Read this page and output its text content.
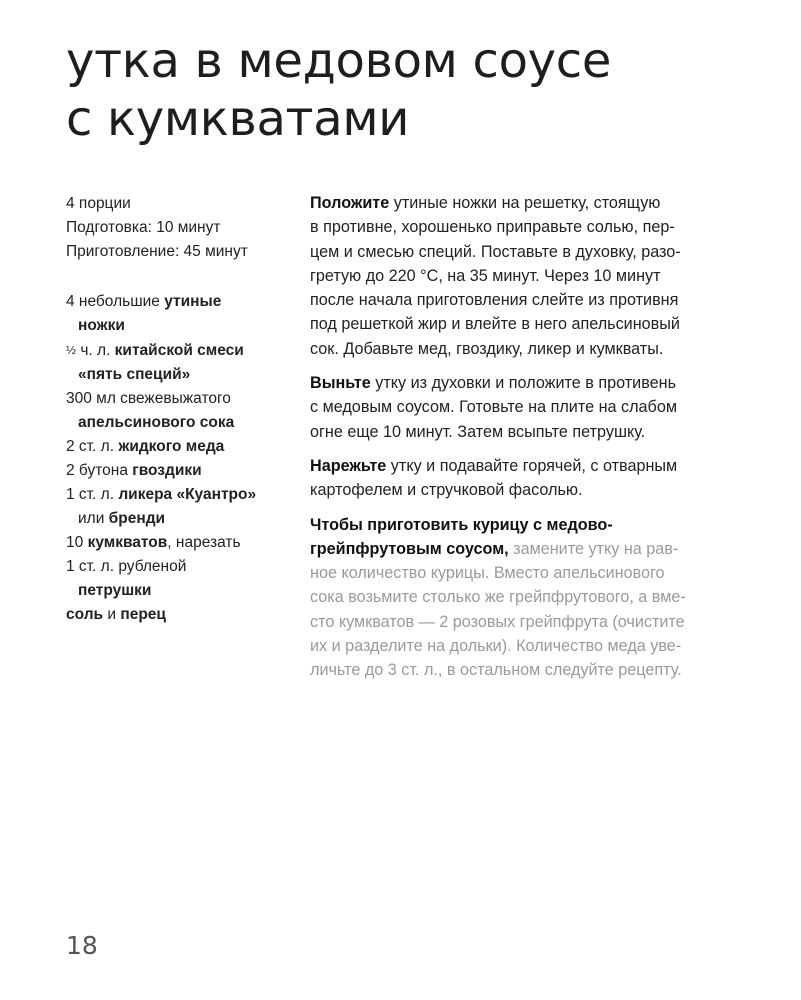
утка в медовом соусе
с кумкватами
4 порции
Подготовка: 10 минут
Приготовление: 45 минут
4 небольшие утиные
ножки
½ ч. л. китайской смеси
«пять специй»
300 мл свежевыжатого
апельсинового сока
2 ст. л. жидкого меда
2 бутона гвоздики
1 ст. л. ликера «Куантро»
или бренди
10 кумкватов, нарезать
1 ст. л. рубленой
петрушки
соль и перец

Положите утиные ножки на решетку, стоящую
в противне, хорошенько приправьте солью, пер-
цем и смесью специй. Поставьте в духовку, разо-
гретую до 220 °С, на 35 минут. Через 10 минут
после начала приготовления слейте из противня
под решеткой жир и влейте в него апельсиновый
сок. Добавьте мед, гвоздику, ликер и кумкваты.

Выньте утку из духовки и положите в противень
с медовым соусом. Готовьте на плите на слабом
огне еще 10 минут. Затем всыпьте петрушку.

Нарежьте утку и подавайте горячей, с отварным
картофелем и стручковой фасолью.

Чтобы приготовить курицу с медово-
грейпфрутовым соусом, замените утку на рав-
ное количество курицы. Вместо апельсинового
сока возьмите столько же грейпфрутового, а вме-
сто кумкватов — 2 розовых грейпфрута (очистите
их и разделите на дольки). Количество меда уве-
личьте до 3 ст. л., в остальном следуйте рецепту.

18
